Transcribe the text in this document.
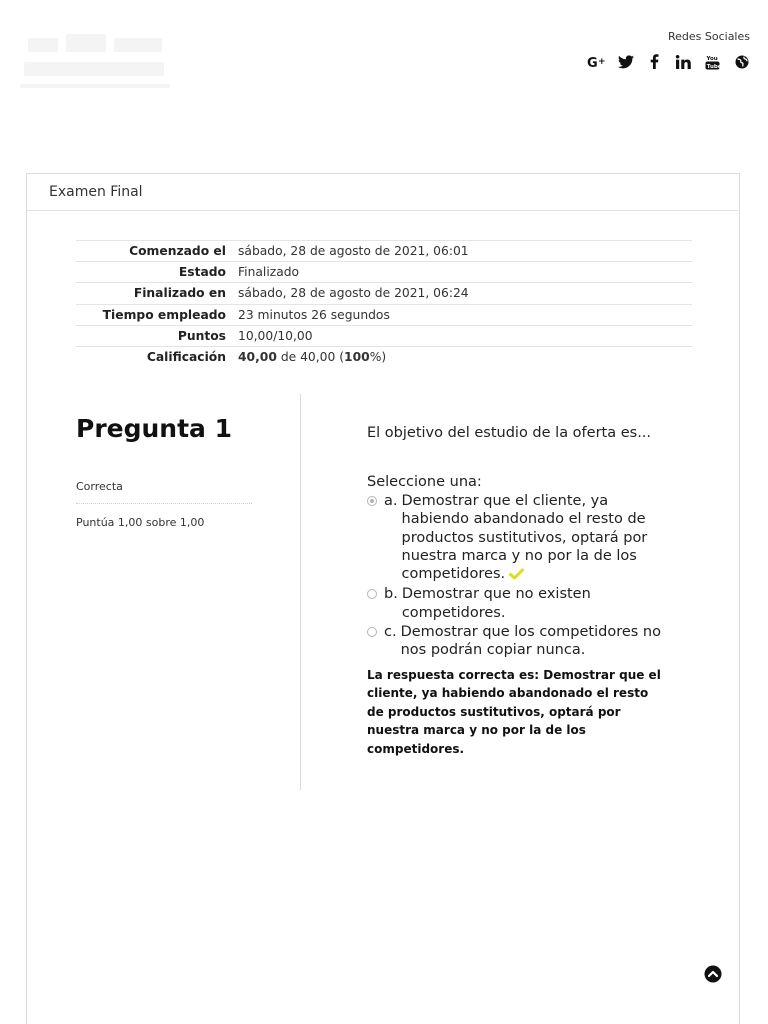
Redes Sociales
G +	You
Tube
Examen Final
Comenzado el	sábado, 28 de agosto de 2021, 06:01
Estado	Finalizado
Finalizado en	sábado, 28 de agosto de 2021, 06:24
Tiempo empleado	23 minutos 26 segundos
Puntos	10,00/10,00
Calificación	40,00 de 40,00 (100%)
Pregunta 1
Correcta
Puntúa 1,00 sobre 1,00
El objetivo del estudio de la oferta es...
Seleccione una:
a. Demostrar que el cliente, ya habiendo abandonado el resto de productos sustitutivos, optará por nuestra marca y no por la de los competidores.
b. Demostrar que no existen competidores.
c. Demostrar que los competidores no nos podrán copiar nunca.
La respuesta correcta es: Demostrar que el cliente, ya habiendo abandonado el resto de productos sustitutivos, optará por nuestra marca y no por la de los competidores.
